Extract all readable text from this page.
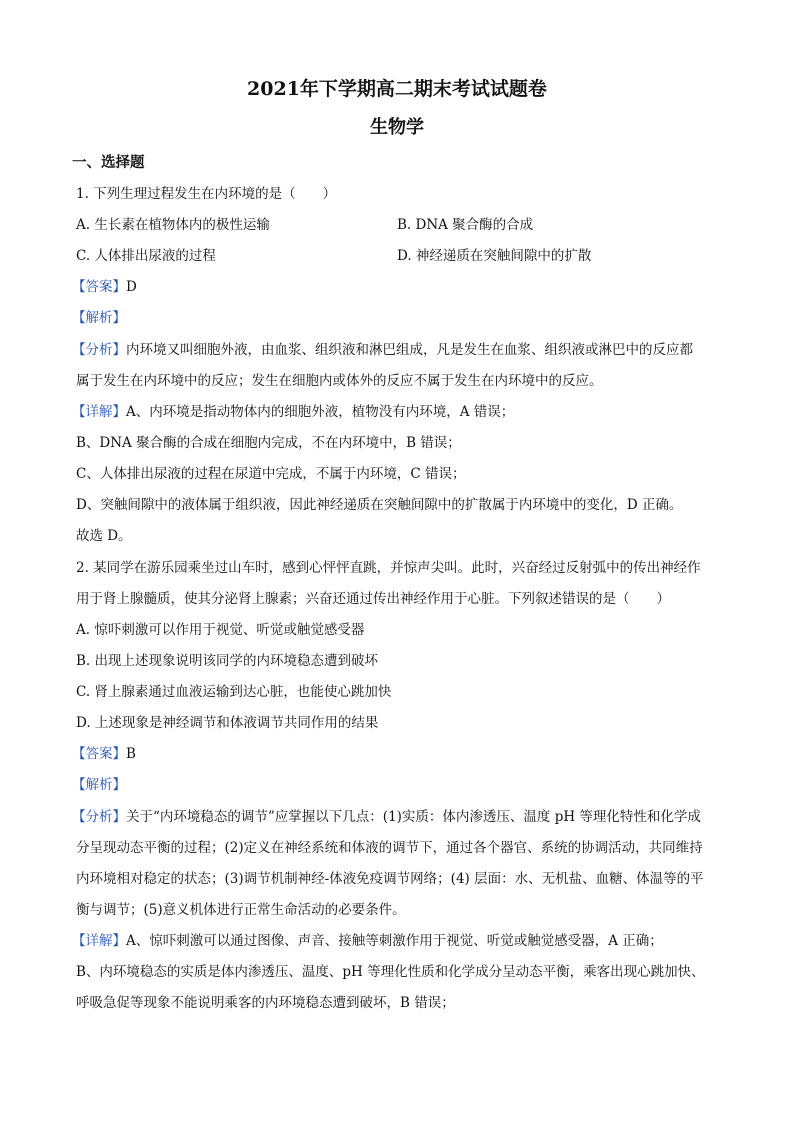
2021年下学期高二期末考试试题卷
生物学
一、选择题
1. 下列生理过程发生在内环境的是（　　）
A. 生长素在植物体内的极性运输	B. DNA 聚合酶的合成
C. 人体排出尿液的过程	D. 神经递质在突触间隙中的扩散
【答案】D
【解析】
【分析】内环境又叫细胞外液，由血浆、组织液和淋巴组成，凡是发生在血浆、组织液或淋巴中的反应都
属于发生在内环境中的反应；发生在细胞内或体外的反应不属于发生在内环境中的反应。
【详解】A、内环境是指动物体内的细胞外液，植物没有内环境，A 错误；
B、DNA 聚合酶的合成在细胞内完成，不在内环境中，B 错误；
C、人体排出尿液的过程在尿道中完成，不属于内环境，C 错误；
D、突触间隙中的液体属于组织液，因此神经递质在突触间隙中的扩散属于内环境中的变化，D 正确。
故选 D。
2. 某同学在游乐园乘坐过山车时，感到心怦怦直跳，并惊声尖叫。此时，兴奋经过反射弧中的传出神经作
用于肾上腺髓质，使其分泌肾上腺素；兴奋还通过传出神经作用于心脏。下列叙述错误的是（　　）
A. 惊吓刺激可以作用于视觉、听觉或触觉感受器
B. 出现上述现象说明该同学的内环境稳态遭到破坏
C. 肾上腺素通过血液运输到达心脏，也能使心跳加快
D. 上述现象是神经调节和体液调节共同作用的结果
【答案】B
【解析】
【分析】关于“内环境稳态的调节”应掌握以下几点：(1)实质：体内渗透压、温度 pH 等理化特性和化学成
分呈现动态平衡的过程；(2)定义在神经系统和体液的调节下，通过各个器官、系统的协调活动，共同维持
内环境相对稳定的状态；(3)调节机制神经-体液免疫调节网络；(4) 层面：水、无机盐、血糖、体温等的平
衡与调节；(5)意义机体进行正常生命活动的必要条件。
【详解】A、惊吓刺激可以通过图像、声音、接触等刺激作用于视觉、听觉或触觉感受器，A 正确；
B、内环境稳态的实质是体内渗透压、温度、pH 等理化性质和化学成分呈动态平衡，乘客出现心跳加快、
呼吸急促等现象不能说明乘客的内环境稳态遭到破坏，B 错误；
